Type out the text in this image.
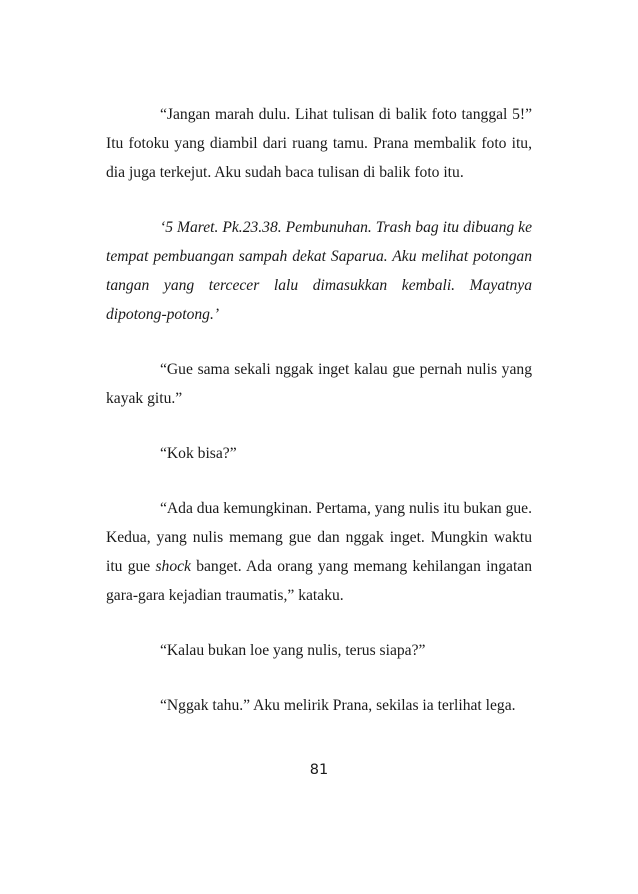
“Jangan marah dulu. Lihat tulisan di balik foto tanggal 5!” Itu fotoku yang diambil dari ruang tamu. Prana membalik foto itu, dia juga terkejut. Aku sudah baca tulisan di balik foto itu.

‘5 Maret. Pk.23.38. Pembunuhan. Trash bag itu dibuang ke tempat pembuangan sampah dekat Saparua. Aku melihat potongan tangan yang tercecer lalu dimasukkan kembali. Mayatnya dipotong-potong.’

“Gue sama sekali nggak inget kalau gue pernah nulis yang kayak gitu.”

“Kok bisa?”

“Ada dua kemungkinan. Pertama, yang nulis itu bukan gue. Kedua, yang nulis memang gue dan nggak inget. Mungkin waktu itu gue shock banget. Ada orang yang memang kehilangan ingatan gara-gara kejadian traumatis,” kataku.

“Kalau bukan loe yang nulis, terus siapa?”

“Nggak tahu.” Aku melirik Prana, sekilas ia terlihat lega.

81
